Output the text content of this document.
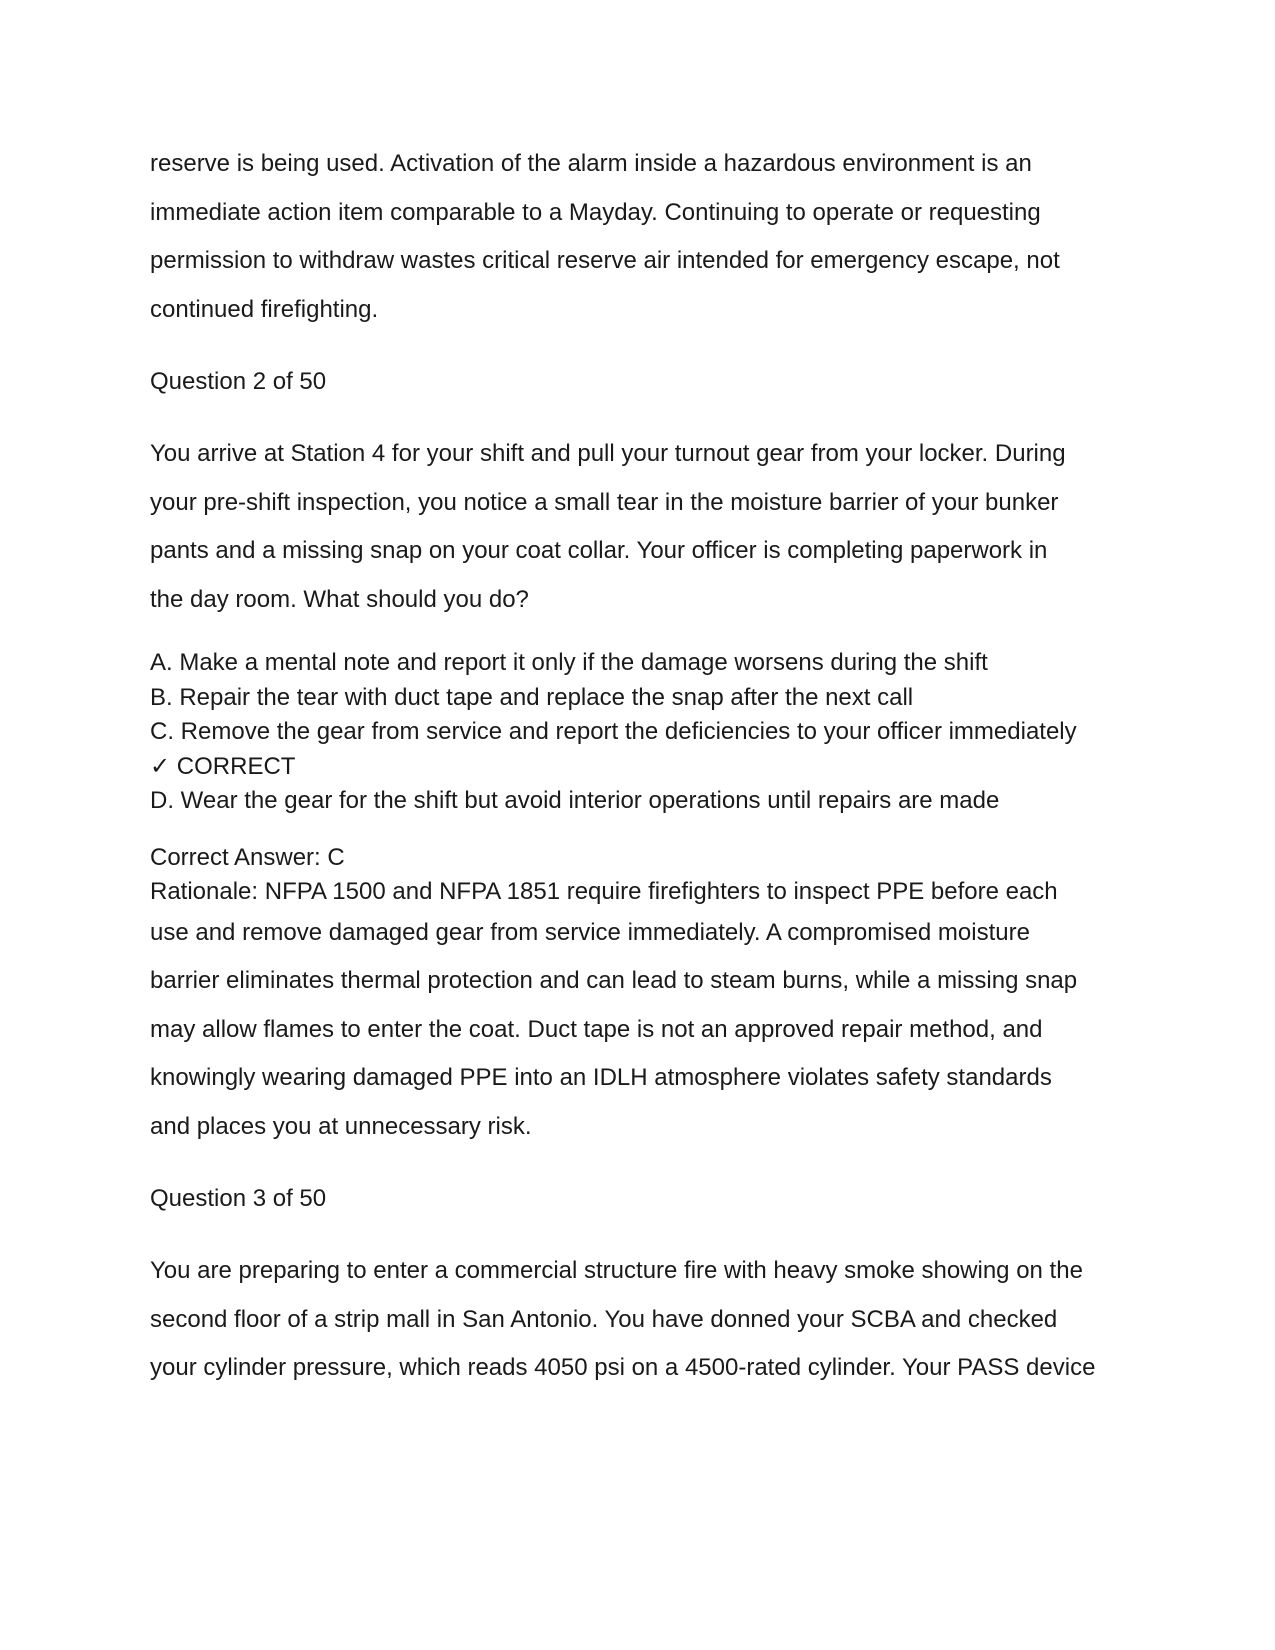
reserve is being used. Activation of the alarm inside a hazardous environment is an

immediate action item comparable to a Mayday. Continuing to operate or requesting

permission to withdraw wastes critical reserve air intended for emergency escape, not

continued firefighting.

Question 2 of 50

You arrive at Station 4 for your shift and pull your turnout gear from your locker. During

your pre-shift inspection, you notice a small tear in the moisture barrier of your bunker

pants and a missing snap on your coat collar. Your officer is completing paperwork in

the day room. What should you do?

A. Make a mental note and report it only if the damage worsens during the shift
B. Repair the tear with duct tape and replace the snap after the next call
C. Remove the gear from service and report the deficiencies to your officer immediately
✓ CORRECT
D. Wear the gear for the shift but avoid interior operations until repairs are made

Correct Answer: C

Rationale: NFPA 1500 and NFPA 1851 require firefighters to inspect PPE before each

use and remove damaged gear from service immediately. A compromised moisture

barrier eliminates thermal protection and can lead to steam burns, while a missing snap

may allow flames to enter the coat. Duct tape is not an approved repair method, and

knowingly wearing damaged PPE into an IDLH atmosphere violates safety standards

and places you at unnecessary risk.

Question 3 of 50

You are preparing to enter a commercial structure fire with heavy smoke showing on the

second floor of a strip mall in San Antonio. You have donned your SCBA and checked

your cylinder pressure, which reads 4050 psi on a 4500-rated cylinder. Your PASS device
